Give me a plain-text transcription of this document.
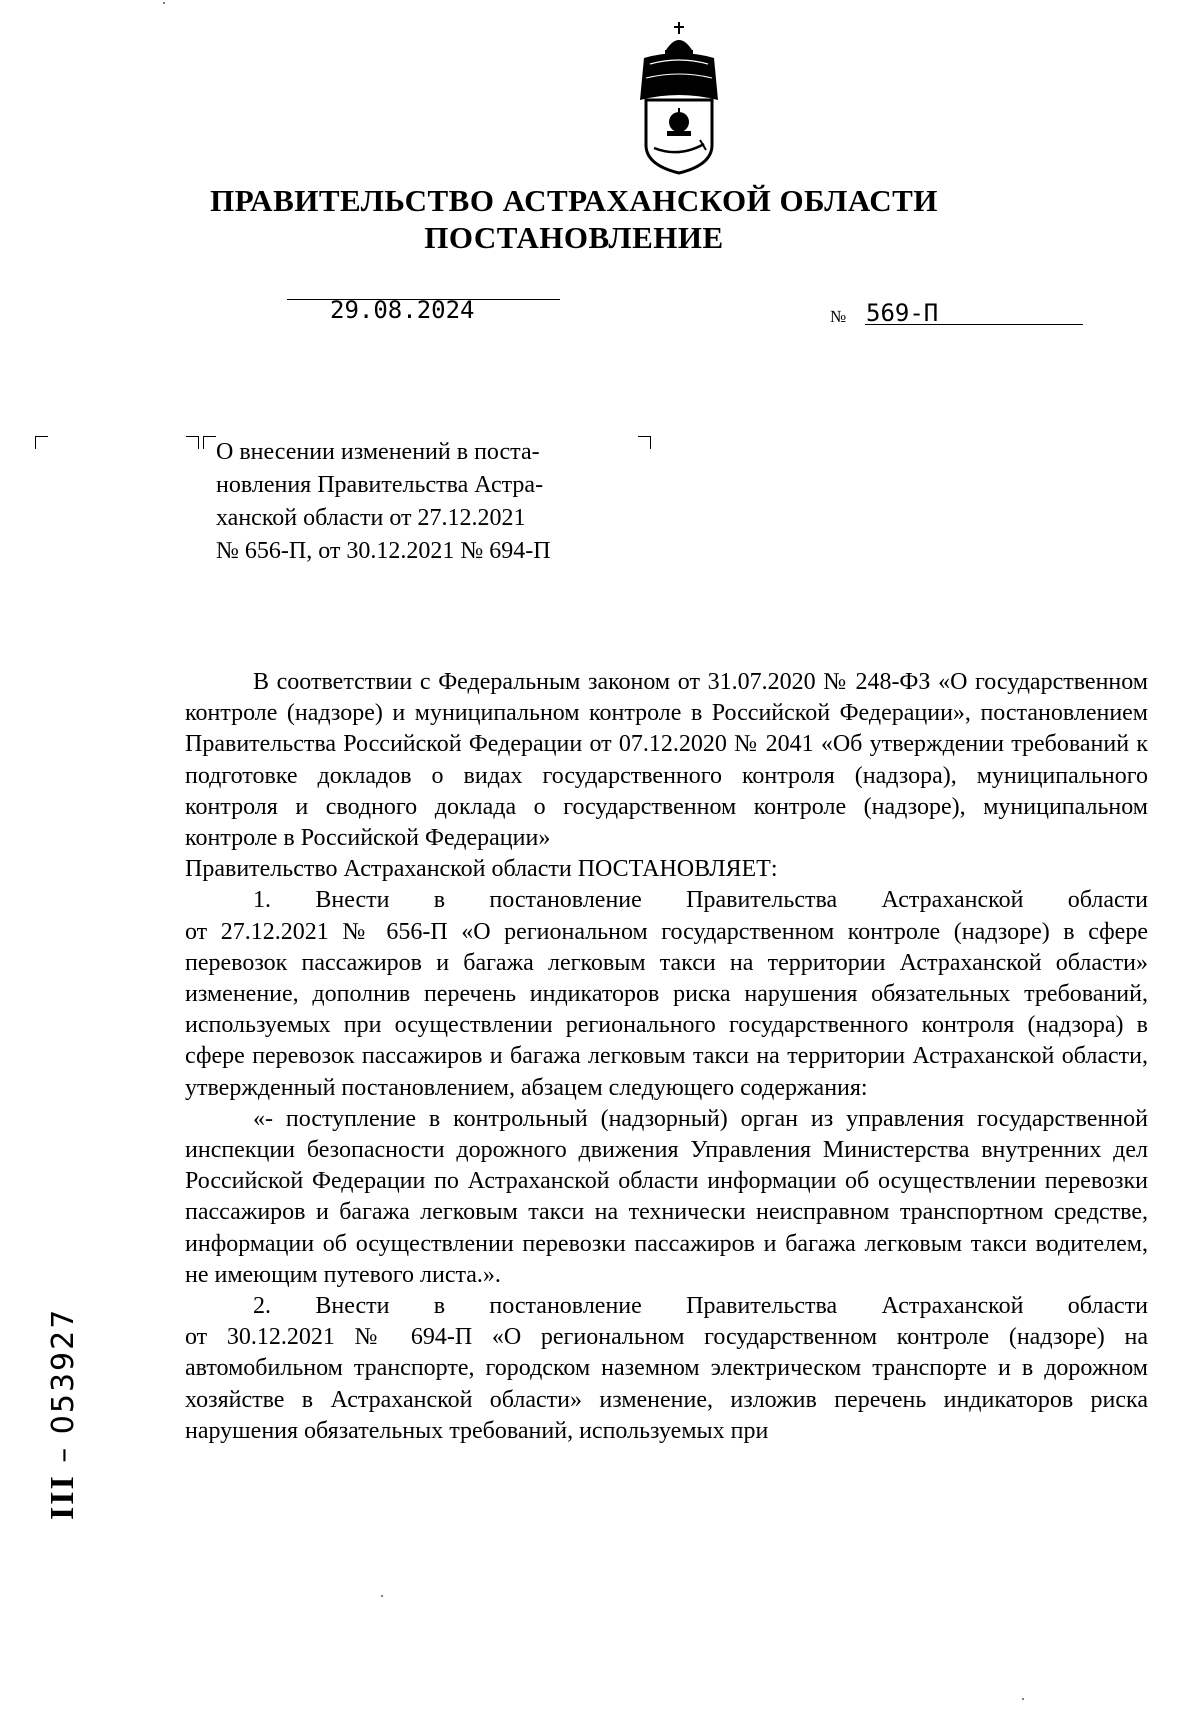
ПРАВИТЕЛЬСТВО АСТРАХАНСКОЙ ОБЛАСТИ
ПОСТАНОВЛЕНИЕ
29.08.2024	№ 569-П
О внесении изменений в поста-
новления Правительства Астра-
ханской области от 27.12.2021
№ 656-П, от 30.12.2021 № 694-П

В соответствии с Федеральным законом от 31.07.2020 № 248-ФЗ «О государственном контроле (надзоре) и муниципальном контроле в Российской Федерации», постановлением Правительства Российской Федерации от 07.12.2020 № 2041 «Об утверждении требований к подготовке докладов о видах государственного контроля (надзора), муниципального контроля и сводного доклада о государственном контроле (надзоре), муниципальном контроле в Российской Федерации»

Правительство Астраханской области ПОСТАНОВЛЯЕТ:

1. Внести в постановление Правительства Астраханской области

от 27.12.2021 № 656-П «О региональном государственном контроле (надзоре) в сфере перевозок пассажиров и багажа легковым такси на территории Астраханской области» изменение, дополнив перечень индикаторов риска нарушения обязательных требований, используемых при осуществлении регионального государственного контроля (надзора) в сфере перевозок пассажиров и багажа легковым такси на территории Астраханской области, утвержденный постановлением, абзацем следующего содержания:

«- поступление в контрольный (надзорный) орган из управления государственной инспекции безопасности дорожного движения Управления Министерства внутренних дел Российской Федерации по Астраханской области информации об осуществлении перевозки пассажиров и багажа легковым такси на технически неисправном транспортном средстве, информации об осуществлении перевозки пассажиров и багажа легковым такси водителем, не имеющим путевого листа.».

2. Внести в постановление Правительства Астраханской области

от 30.12.2021 № 694-П «О региональном государственном контроле (надзоре) на автомобильном транспорте, городском наземном электрическом транспорте и в дорожном хозяйстве в Астраханской области» изменение, изложив перечень индикаторов риска нарушения обязательных требований, используемых при

III – 053927
